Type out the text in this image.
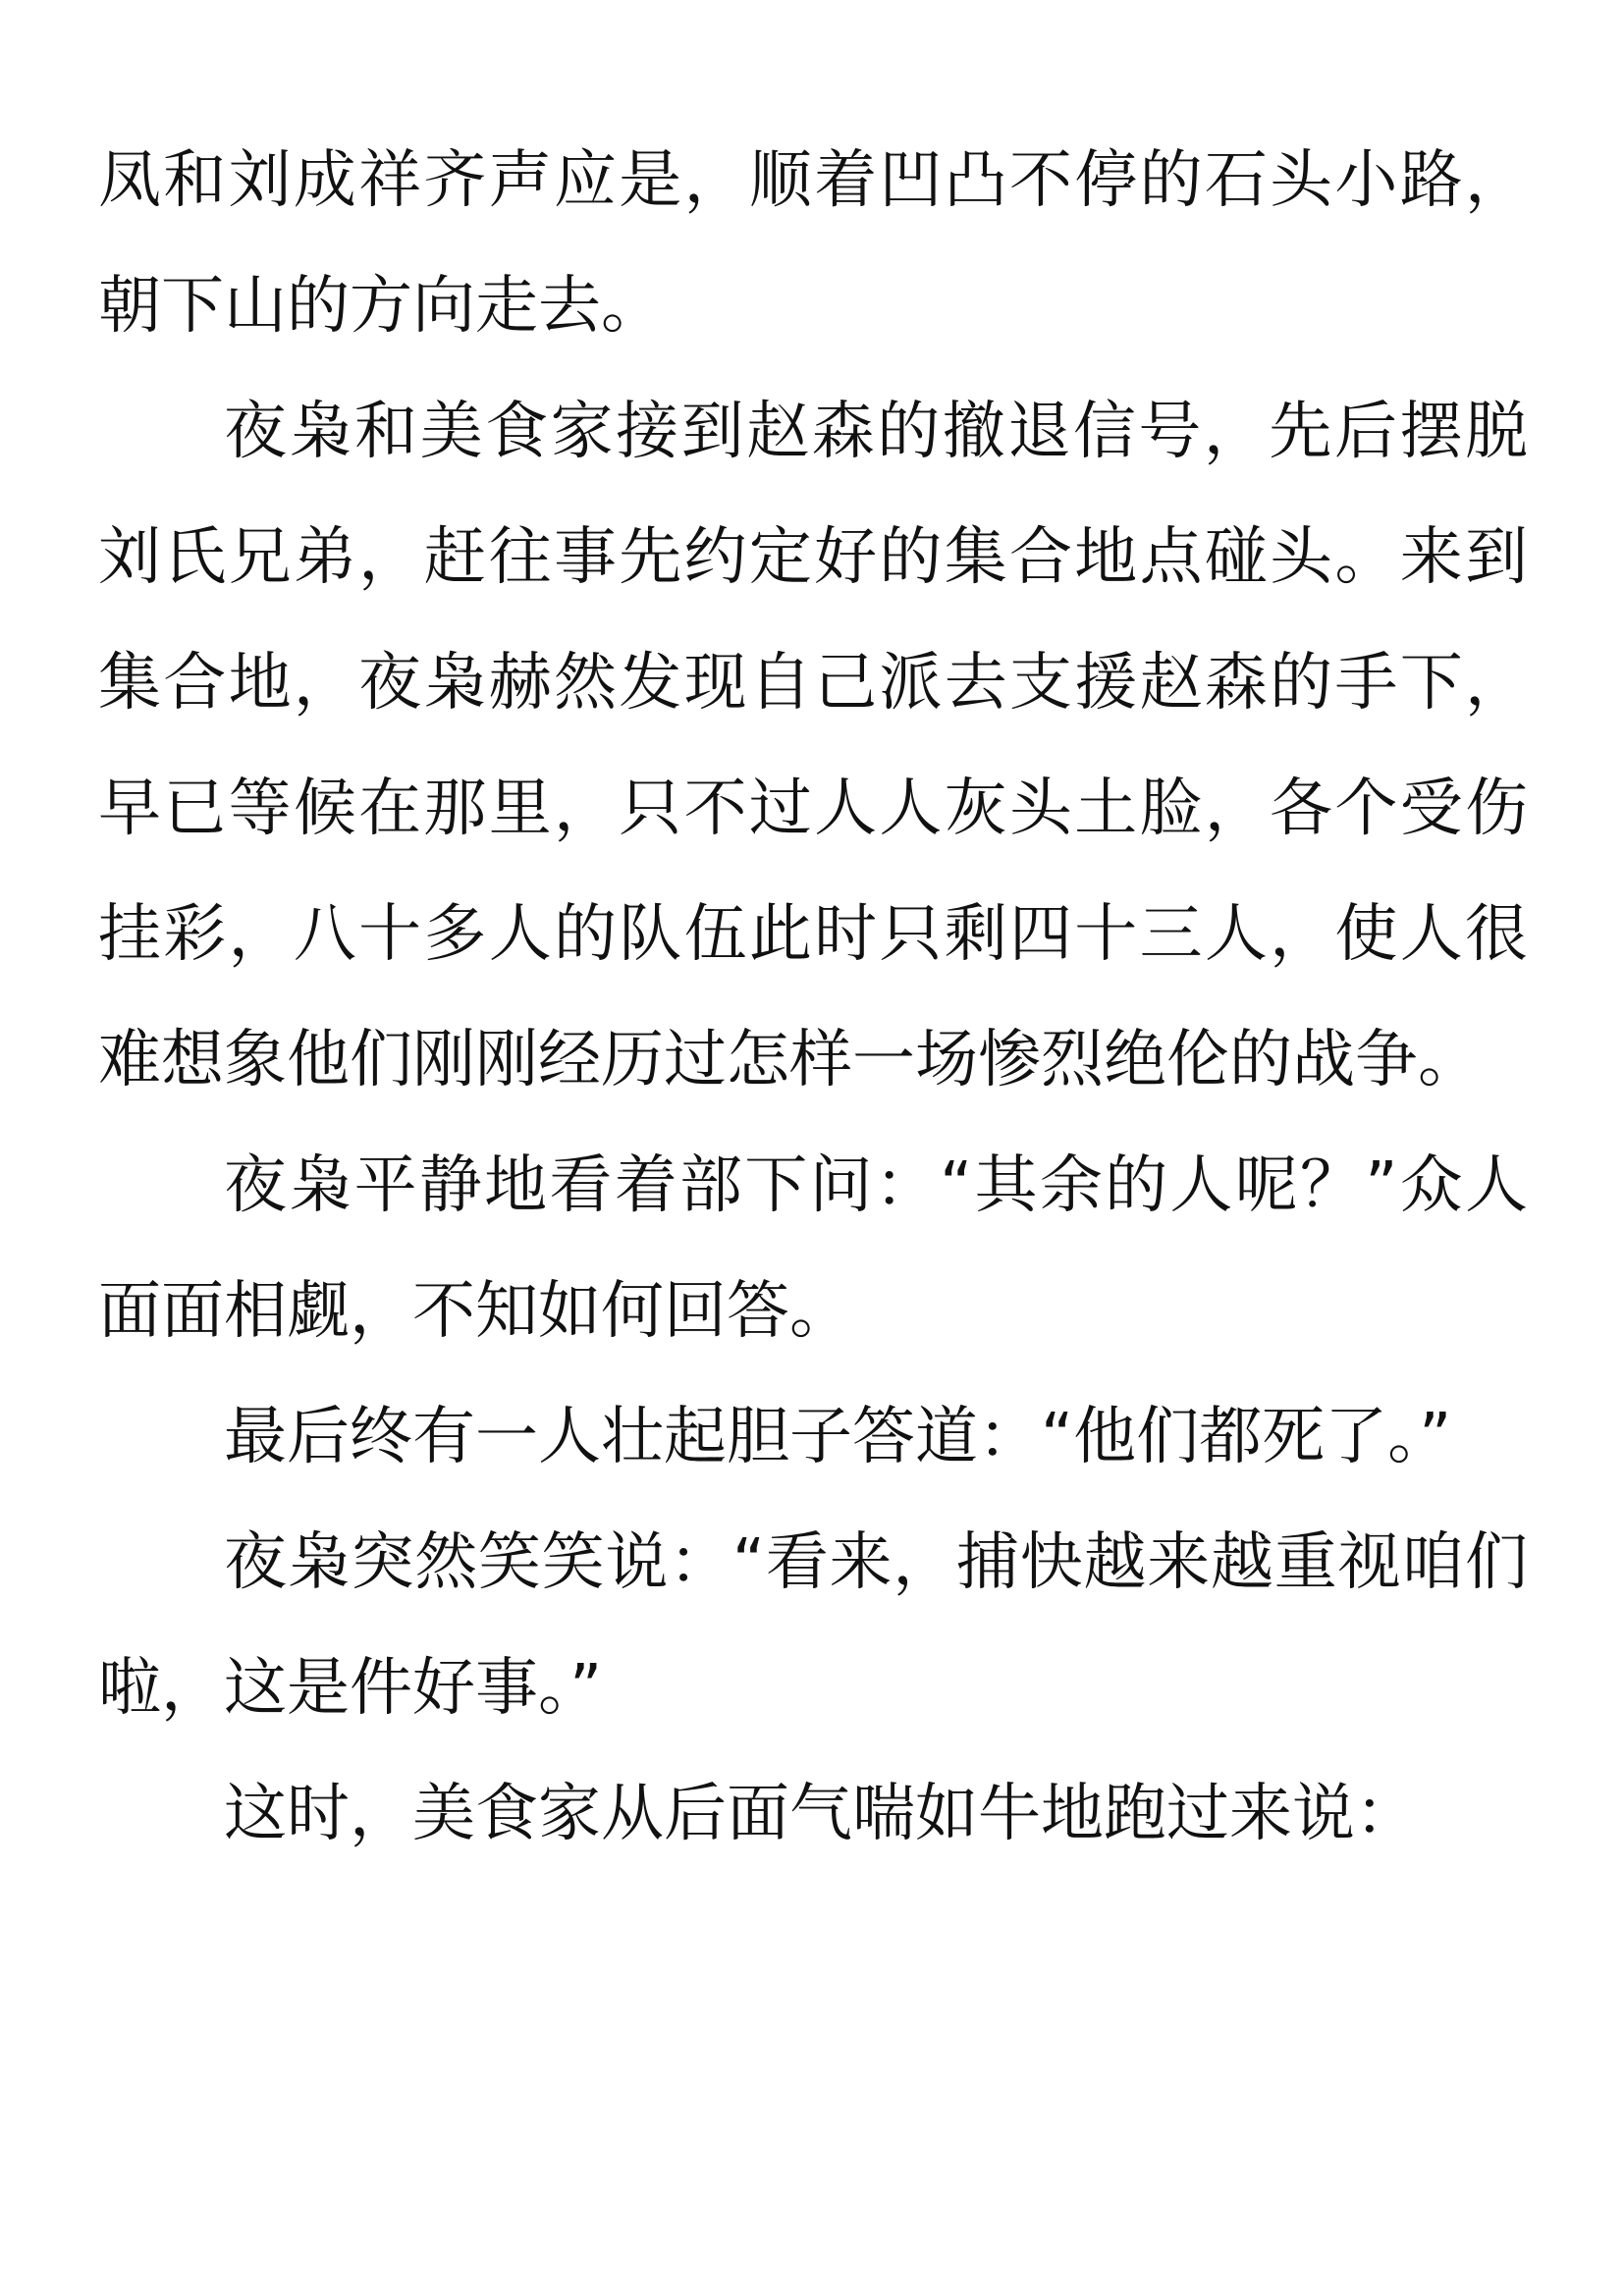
凤和刘成祥齐声应是，顺着凹凸不停的石头小路，朝下山的方向走去。

夜枭和美食家接到赵森的撤退信号，先后摆脱刘氏兄弟，赶往事先约定好的集合地点碰头。来到集合地，夜枭赫然发现自己派去支援赵森的手下，早已等候在那里，只不过人人灰头土脸，各个受伤挂彩，八十多人的队伍此时只剩四十三人，使人很难想象他们刚刚经历过怎样一场惨烈绝伦的战争。

夜枭平静地看着部下问：“其余的人呢？”众人面面相觑，不知如何回答。

最后终有一人壮起胆子答道：“他们都死了。”

夜枭突然笑笑说：“看来，捕快越来越重视咱们啦，这是件好事。”

这时，美食家从后面气喘如牛地跑过来说：
